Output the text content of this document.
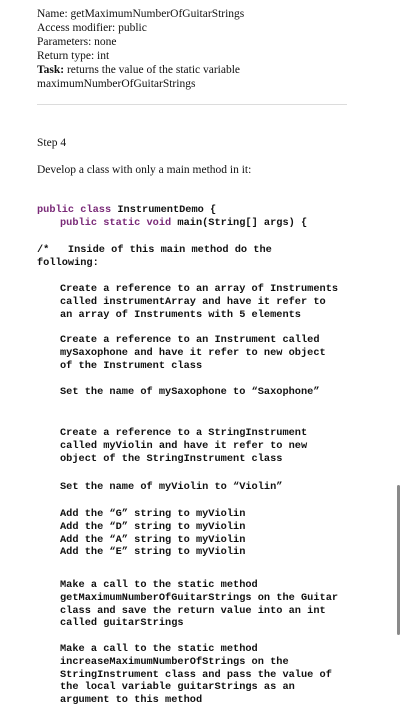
Name: getMaximumNumberOfGuitarStrings
Access modifier: public
Parameters: none
Return type: int
Task: returns the value of the static variable
maximumNumberOfGuitarStrings
Step 4
Develop a class with only a main method in it:
public class InstrumentDemo {
public static void main(String[] args) {
/*   Inside of this main method do the
following:
Create a reference to an array of Instruments
called instrumentArray and have it refer to
an array of Instruments with 5 elements
Create a reference to an Instrument called
mySaxophone and have it refer to new object
of the Instrument class
Set the name of mySaxophone to “Saxophone”
Create a reference to a StringInstrument
called myViolin and have it refer to new
object of the StringInstrument class
Set the name of myViolin to “Violin”
Add the “G” string to myViolin
Add the “D” string to myViolin
Add the “A” string to myViolin
Add the “E” string to myViolin
Make a call to the static method
getMaximumNumberOfGuitarStrings on the Guitar
class and save the return value into an int
called guitarStrings
Make a call to the static method
increaseMaximumNumberOfStrings on the
StringInstrument class and pass the value of
the local variable guitarStrings as an
argument to this method
